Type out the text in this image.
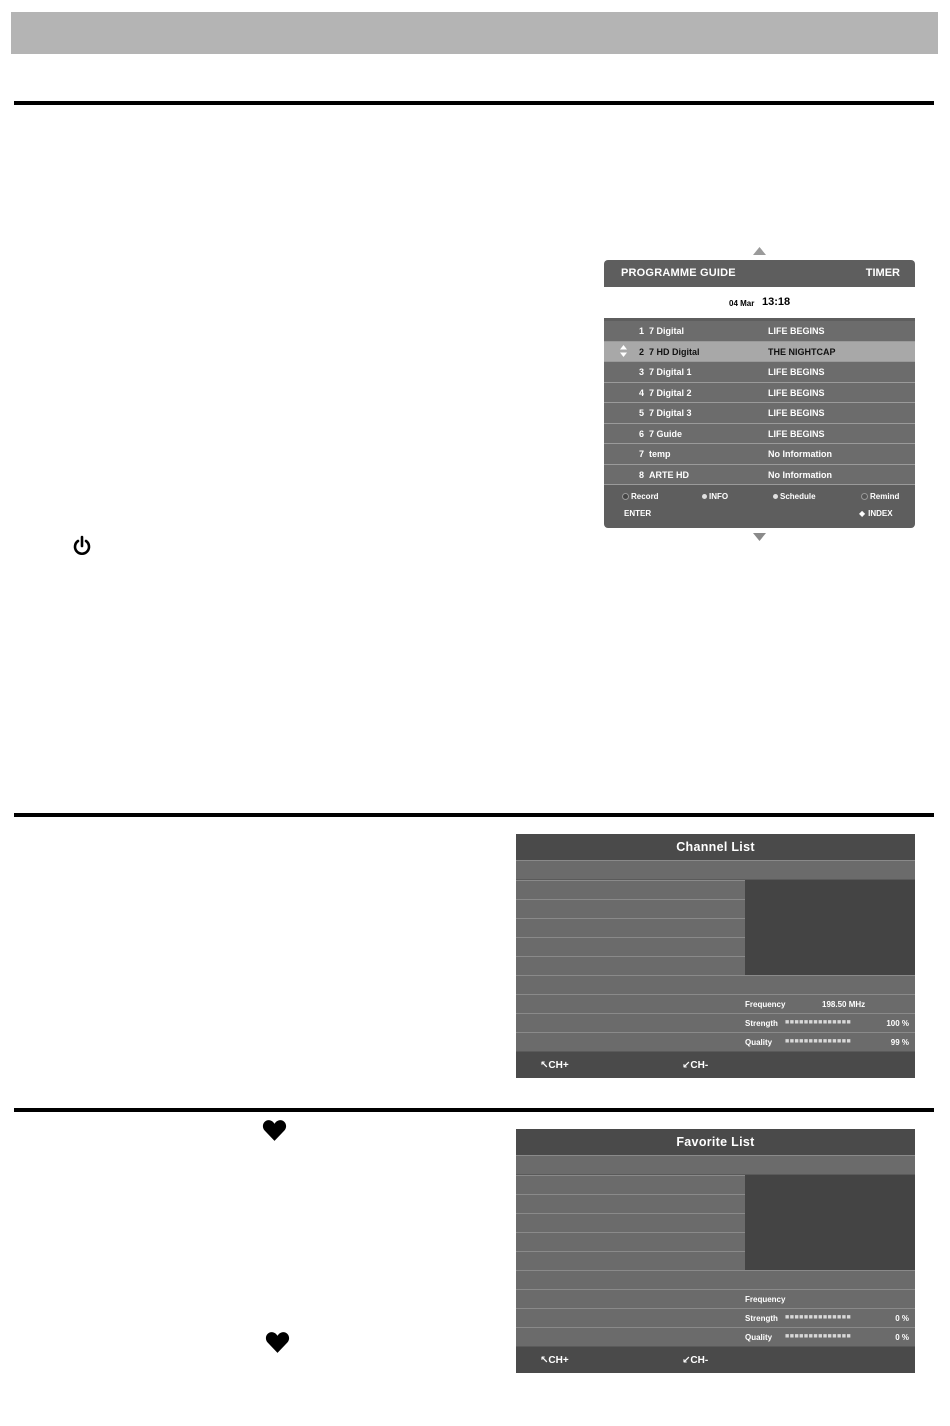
PROGRAMME GUIDE	TIMER
04 Mar 13:18
1 7 Digital	LIFE BEGINS
2 7 HD Digital	THE NIGHTCAP
3 7 Digital 1	LIFE BEGINS
4 7 Digital 2	LIFE BEGINS
5 7 Digital 3	LIFE BEGINS
6 7 Guide	LIFE BEGINS
7 temp	No Information
8 ARTE HD	No Information
Record	INFO	Schedule	Remind
ENTER	◆ INDEX
Channel List
Frequency	198.50 MHz
Strength ■■■■■■■■■■■■■■	100 %
Quality ■■■■■■■■■■■■■■	99 %
↖CH+	↙CH-
Favorite List
Frequency
Strength ■■■■■■■■■■■■■■	0 %
Quality ■■■■■■■■■■■■■■	0 %
↖CH+	↙CH-
